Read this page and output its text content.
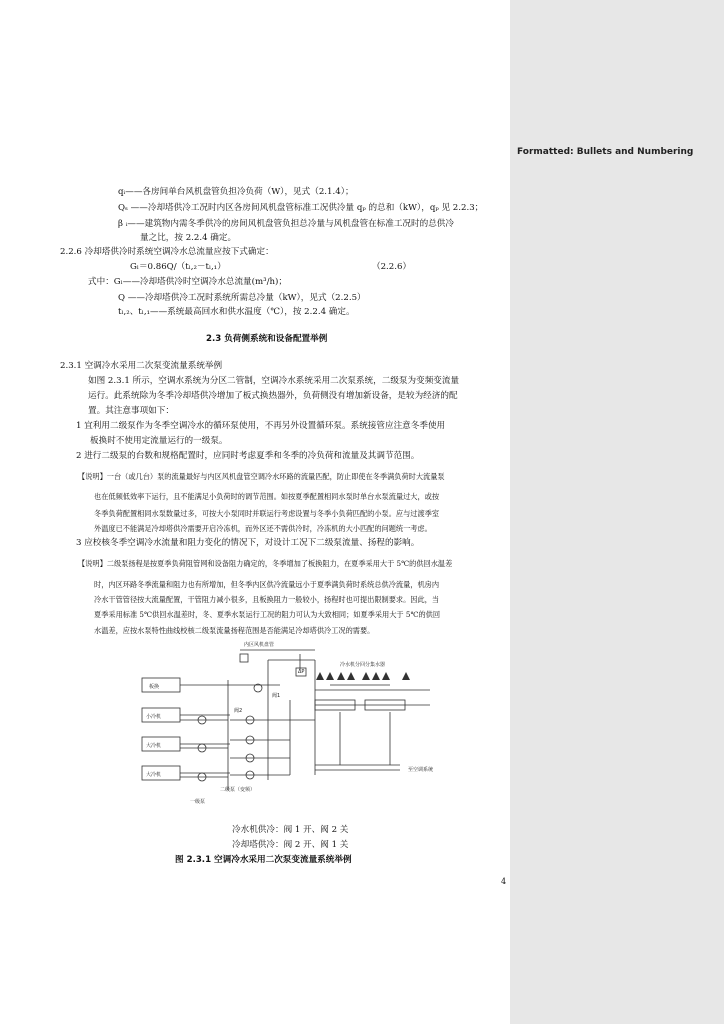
Formatted: Bullets and Numbering
qᵢ——各房间单台风机盘管负担冷负荷（W），见式（2.1.4）；
Qₛ ——冷却塔供冷工况时内区各房间风机盘管标准工况供冷量 qₚ 的总和（kW），qₚ 见 2.2.3；
β ᵢ——建筑物内需冬季供冷的房间风机盘管负担总冷量与风机盘管在标准工况时的总供冷
量之比，按 2.2.4 确定。
2.2.6 冷却塔供冷时系统空调冷水总流量应按下式确定：
Gₗ＝0.86Q/（tₗ,₂－tₗ,₁）	（2.2.6）
式中：Gₗ——冷却塔供冷时空调冷水总流量(m³/h)；
Q ——冷却塔供冷工况时系统所需总冷量（kW），见式（2.2.5）
tₗ,₂、tₗ,₁——系统最高回水和供水温度（℃），按 2.2.4 确定。
2.3 负荷侧系统和设备配置举例
2.3.1 空调冷水采用二次泵变流量系统举例
如图 2.3.1 所示，空调水系统为分区二管制，空调冷水系统采用二次泵系统，二级泵为变频变流量
运行。此系统除为冬季冷却塔供冷增加了板式换热器外，负荷侧没有增加新设备，是较为经济的配
置。其注意事项如下：
1 宜利用二级泵作为冬季空调冷水的循环泵使用，不再另外设置循环泵。系统接管应注意冬季使用
板换时不使用定流量运行的一级泵。
2 进行二级泵的台数和规格配置时，应同时考虑夏季和冬季的冷负荷和流量及其调节范围。
【说明】一台（或几台）泵的流量最好与内区风机盘管空调冷水环路的流量匹配，防止即使在冬季满负荷时大流量泵
也在低频低效率下运行，且不能满足小负荷时的调节范围。如按夏季配置相同水泵时单台水泵流量过大，或按
冬季负荷配置相同水泵数量过多，可按大小泵同时并联运行考虑设置与冬季小负荷匹配的小泵。应与过渡季室
外温度已不能满足冷却塔供冷需要开启冷冻机，而外区还不需供冷时，冷冻机的大小匹配的问题统一考虑。
3 应校核冬季空调冷水流量和阻力变化的情况下，对设计工况下二级泵流量、扬程的影响。
【说明】二级泵扬程是按夏季负荷阻管网和设备阻力确定的，冬季增加了板换阻力，在夏季采用大于 5℃的供回水温差
时，内区环路冬季流量和阻力也有所增加，但冬季内区供冷流量远小于夏季满负荷时系统总供冷流量，机房内
冷水干管管径按大流量配置，干管阻力减小很多，且板换阻力一般较小，扬程时也可提出限制要求。因此，当
夏季采用标准 5℃供回水温差时，冬、夏季水泵运行工况的阻力可认为大致相同；如夏季采用大于 5℃的供回
水温差，应按水泵特性曲线校核二级泵流量扬程范围是否能满足冷却塔供冷工况的需要。
内区风机盘管
ΔP
板换
小冷机
大冷机
大冷机
阀1
阀2
冷水机分回分集水器
至空调系统
二级泵（变频）
一级泵
冷水机供冷：阀 1 开、阀 2 关
冷却塔供冷：阀 2 开、阀 1 关
图 2.3.1 空调冷水采用二次泵变流量系统举例
4
